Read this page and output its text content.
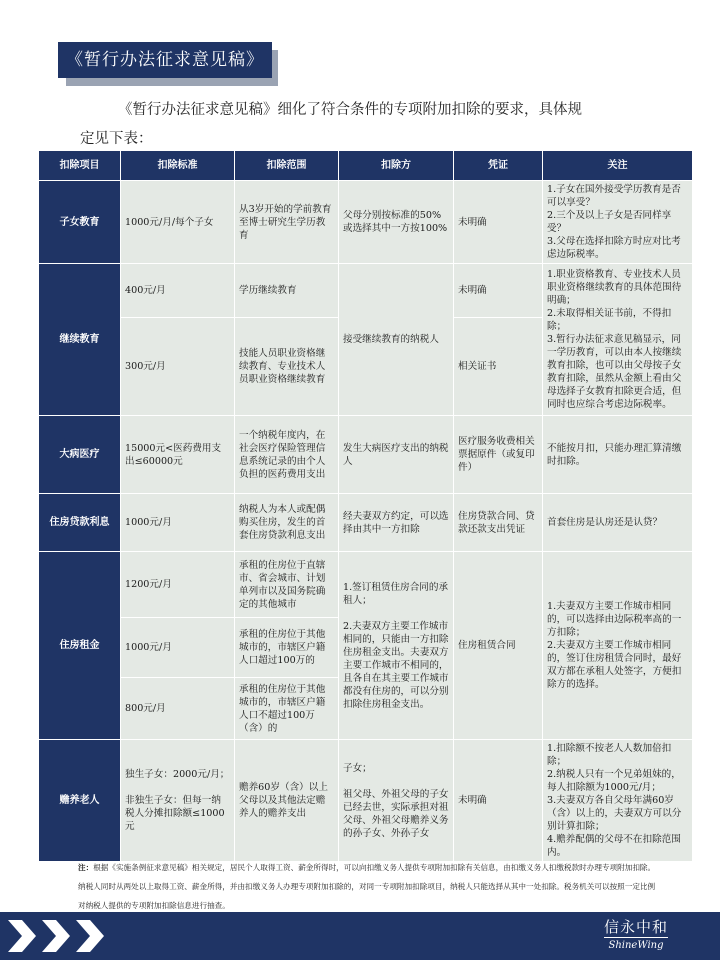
《暂行办法征求意见稿》
《暂行办法征求意见稿》细化了符合条件的专项附加扣除的要求，具体规
定见下表：
扣除项目	扣除标准	扣除范围	扣除方	凭证	关注
子女教育	1000元/月/每个子女	从3岁开始的学前教育至博士研究生学历教育	父母分别按标准的50%或选择其中一方按100%	未明确	1.子女在国外接受学历教育是否可以享受？
2.三个及以上子女是否同样享受？
3.父母在选择扣除方时应对比考虑边际税率。
继续教育	400元/月	学历继续教育	接受继续教育的纳税人	未明确	1.职业资格教育、专业技术人员职业资格继续教育的具体范围待明确；
2.未取得相关证书前，不得扣除；
3.暂行办法征求意见稿显示，同一学历教育，可以由本人按继续教育扣除，也可以由父母按子女教育扣除，虽然从金额上看由父母选择子女教育扣除更合适，但同时也应综合考虑边际税率。
	300元/月	技能人员职业资格继续教育、专业技术人员职业资格继续教育		相关证书	
大病医疗	15000元<医药费用支出≤60000元	一个纳税年度内，在社会医疗保险管理信息系统记录的由个人负担的医药费用支出	发生大病医疗支出的纳税人	医疗服务收费相关票据原件（或复印件）	不能按月扣，只能办理汇算清缴时扣除。
住房贷款利息	1000元/月	纳税人为本人或配偶购买住房，发生的首套住房贷款利息支出	经夫妻双方约定，可以选择由其中一方扣除	住房贷款合同、贷款还款支出凭证	首套住房是认房还是认贷？
住房租金	1200元/月	承租的住房位于直辖市、省会城市、计划单列市以及国务院确定的其他城市	1.签订租赁住房合同的承租人；

2.夫妻双方主要工作城市相同的，只能由一方扣除住房租金支出。夫妻双方主要工作城市不相同的，且各自在其主要工作城市都没有住房的，可以分别扣除住房租金支出。	住房租赁合同	1.夫妻双方主要工作城市相同的，可以选择由边际税率高的一方扣除；
2.夫妻双方主要工作城市相同的，签订住房租赁合同时，最好双方都在承租人处签字，方便扣除方的选择。
	1000元/月	承租的住房位于其他城市的，市辖区户籍人口超过100万的			
	800元/月	承租的住房位于其他城市的，市辖区户籍人口不超过100万（含）的			
赡养老人	独生子女：2000元/月；

非独生子女：但每一纳税人分摊扣除额≤1000元	赡养60岁（含）以上父母以及其他法定赡养人的赡养支出	子女；

祖父母、外祖父母的子女已经去世，实际承担对祖父母、外祖父母赡养义务的孙子女、外孙子女	未明确	1.扣除额不按老人人数加倍扣除；
2.纳税人只有一个兄弟姐妹的，每人扣除额为1000元/月；
3.夫妻双方各自父母年满60岁（含）以上的，夫妻双方可以分别计算扣除；
4.赡养配偶的父母不在扣除范围内。
注：根据《实施条例征求意见稿》相关规定，居民个人取得工资、薪金所得时，可以向扣缴义务人提供专项附加扣除有关信息，由扣缴义务人扣缴税款时办理专项附加扣除。纳税人同时从两处以上取得工资、薪金所得，并由扣缴义务人办理专项附加扣除的，对同一专项附加扣除项目，纳税人只能选择从其中一处扣除。税务机关可以按照一定比例对纳税人提供的专项附加扣除信息进行抽查。
信永中和
ShineWing
